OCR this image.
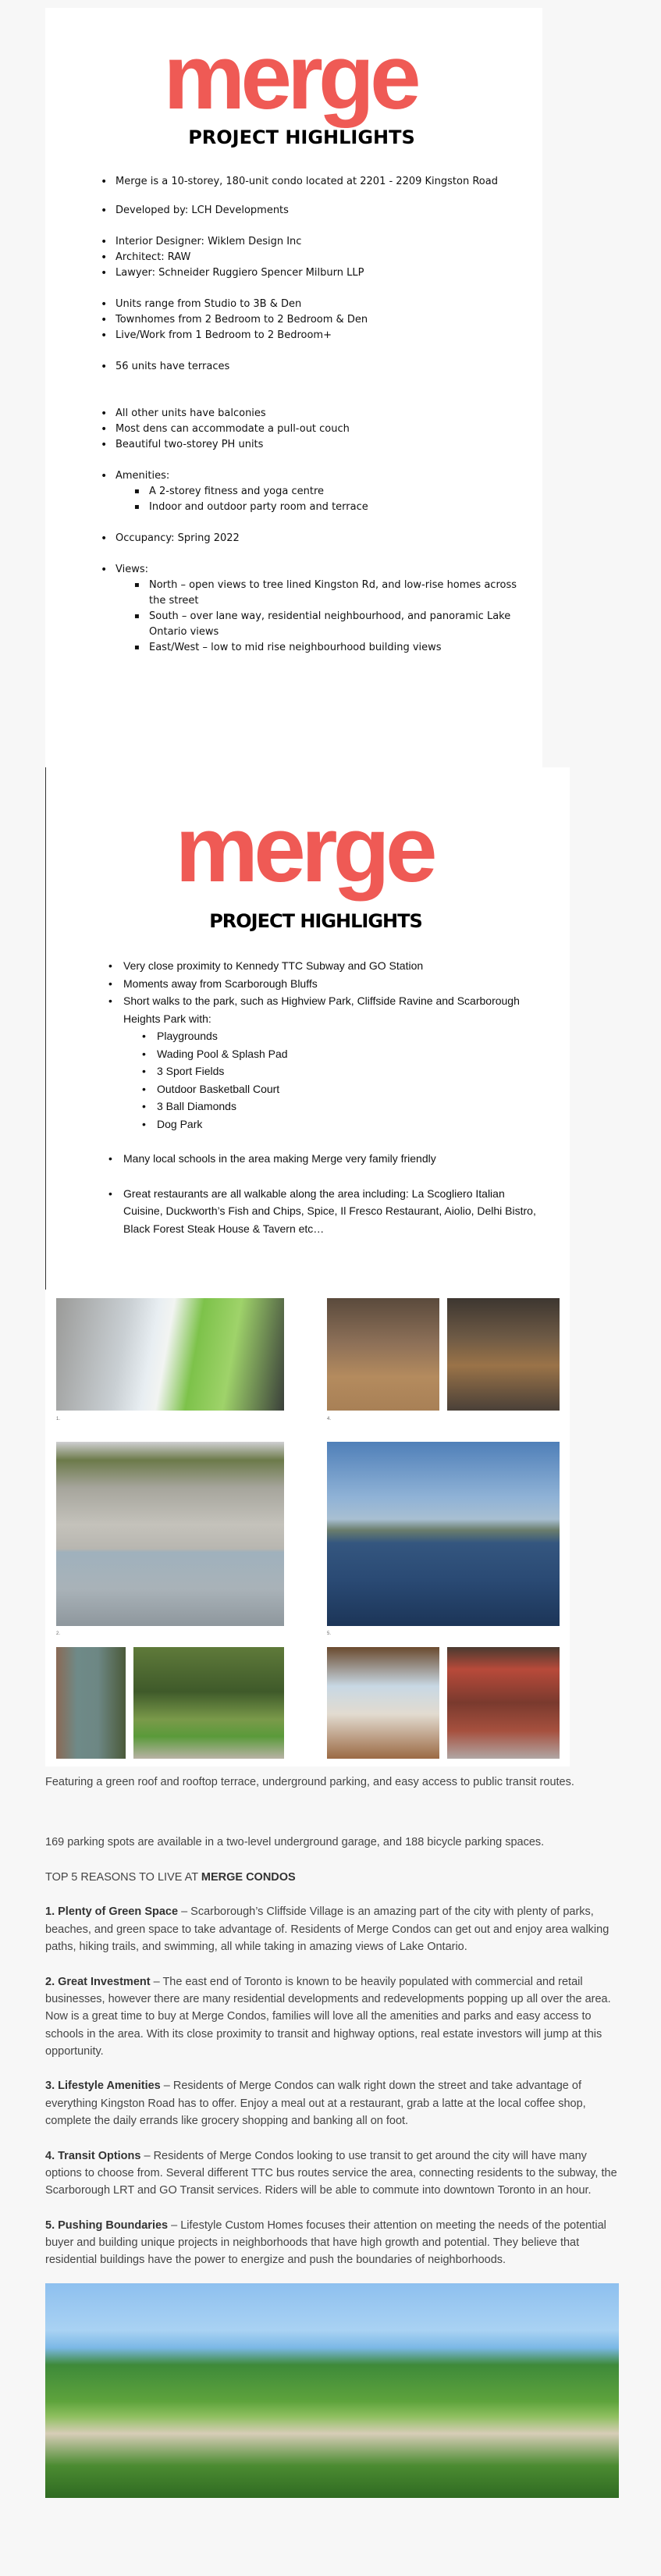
merge
PROJECT HIGHLIGHTS
• Merge is a 10-storey, 180-unit condo located at 2201 - 2209 Kingston Road
• Developed by: LCH Developments
• Interior Designer: Wiklem Design Inc
• Architect: RAW
• Lawyer: Schneider Ruggiero Spencer Milburn LLP
• Units range from Studio to 3B & Den
• Townhomes from 2 Bedroom to 2 Bedroom & Den
• Live/Work from 1 Bedroom to 2 Bedroom+
• 56 units have terraces
• All other units have balconies
• Most dens can accommodate a pull-out couch
• Beautiful two-storey PH units
• Amenities:
▪ A 2-storey fitness and yoga centre
▪ Indoor and outdoor party room and terrace
• Occupancy: Spring 2022
• Views:
▪ North – open views to tree lined Kingston Rd, and low-rise homes across the street
▪ South – over lane way, residential neighbourhood, and panoramic Lake Ontario views
▪ East/West – low to mid rise neighbourhood building views
merge
PROJECT HIGHLIGHTS
• Very close proximity to Kennedy TTC Subway and GO Station
• Moments away from Scarborough Bluffs
• Short walks to the park, such as Highview Park, Cliffside Ravine and Scarborough Heights Park with:
• Playgrounds
• Wading Pool & Splash Pad
• 3 Sport Fields
• Outdoor Basketball Court
• 3 Ball Diamonds
• Dog Park
• Many local schools in the area making Merge very family friendly
• Great restaurants are all walkable along the area including: La Scogliero Italian Cuisine, Duckworth’s Fish and Chips, Spice, Il Fresco Restaurant, Aiolio, Delhi Bistro, Black Forest Steak House & Tavern etc…
1.	4.
2.	5.

Featuring a green roof and rooftop terrace, underground parking, and easy access to public transit routes.

169 parking spots are available in a two-level underground garage, and 188 bicycle parking spaces.

TOP 5 REASONS TO LIVE AT MERGE CONDOS

1. Plenty of Green Space – Scarborough’s Cliffside Village is an amazing part of the city with plenty of parks, beaches, and green space to take advantage of. Residents of Merge Condos can get out and enjoy area walking paths, hiking trails, and swimming, all while taking in amazing views of Lake Ontario.

2. Great Investment – The east end of Toronto is known to be heavily populated with commercial and retail businesses, however there are many residential developments and redevelopments popping up all over the area. Now is a great time to buy at Merge Condos, families will love all the amenities and parks and easy access to schools in the area. With its close proximity to transit and highway options, real estate investors will jump at this opportunity.

3. Lifestyle Amenities – Residents of Merge Condos can walk right down the street and take advantage of everything Kingston Road has to offer. Enjoy a meal out at a restaurant, grab a latte at the local coffee shop, complete the daily errands like grocery shopping and banking all on foot.

4. Transit Options – Residents of Merge Condos looking to use transit to get around the city will have many options to choose from. Several different TTC bus routes service the area, connecting residents to the subway, the Scarborough LRT and GO Transit services. Riders will be able to commute into downtown Toronto in an hour.

5. Pushing Boundaries – Lifestyle Custom Homes focuses their attention on meeting the needs of the potential buyer and building unique projects in neighborhoods that have high growth and potential. They believe that residential buildings have the power to energize and push the boundaries of neighborhoods.
